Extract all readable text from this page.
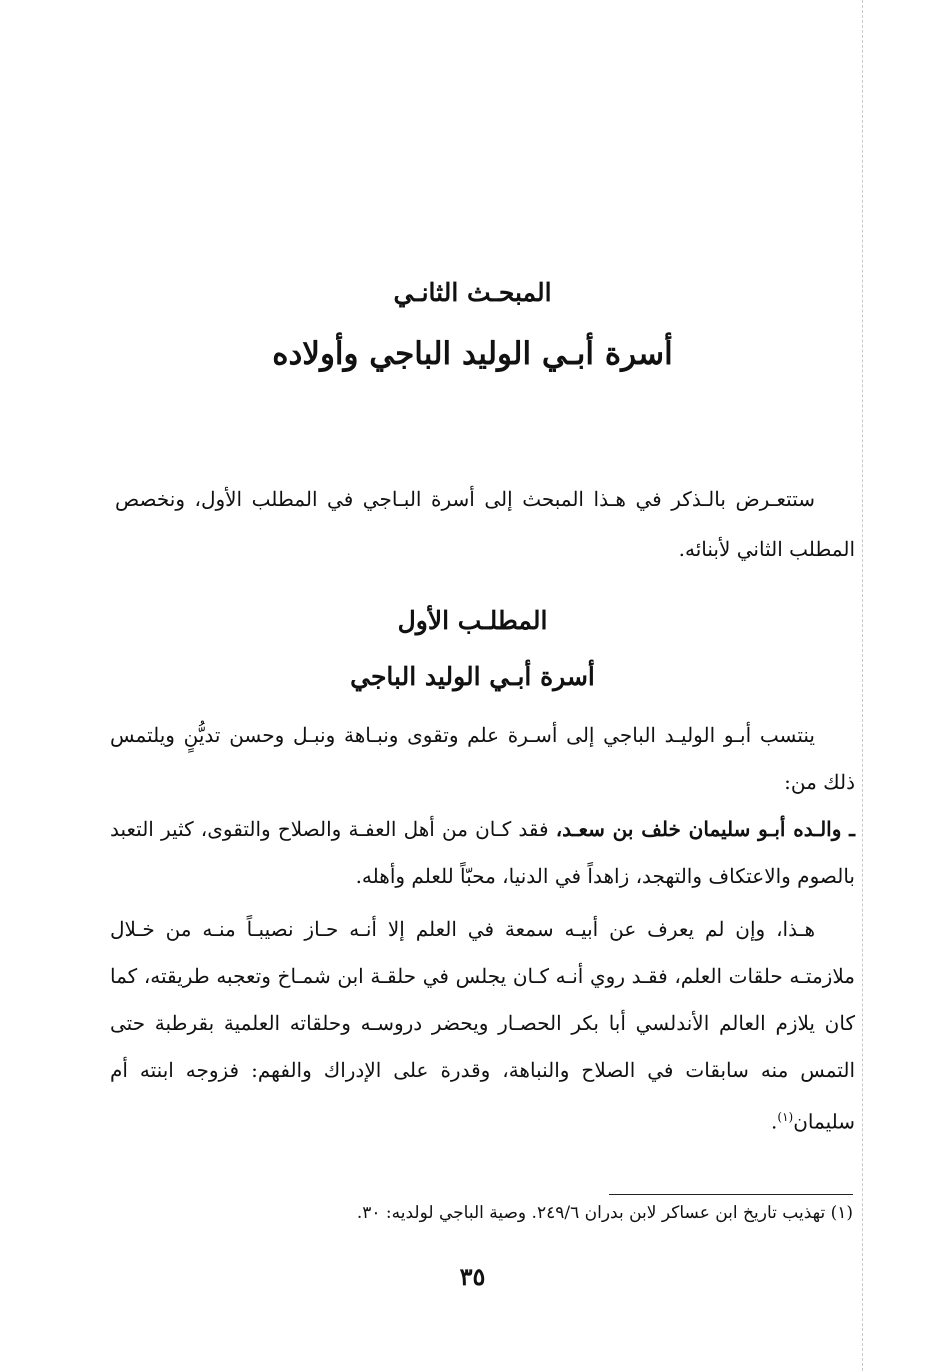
المبحـث الثانـي
أسرة أبـي الوليد الباجي وأولاده

ستتعـرض بالـذكر في هـذا المبحث إلى أسرة البـاجي في المطلب الأول، ونخصص المطلب الثاني لأبنائه.

المطلـب الأول
أسرة أبـي الوليد الباجي

ينتسب أبـو الوليـد الباجي إلى أسـرة علم وتقوى ونبـاهة ونبـل وحسن تديُّنٍ ويلتمس ذلك من:

ـ والـده أبـو سليمان خلف بن سعـد، فقد كـان من أهل العفـة والصلاح والتقوى، كثير التعبد بالصوم والاعتكاف والتهجد، زاهداً في الدنيا، محبّاً للعلم وأهله.

هـذا، وإن لم يعرف عن أبيـه سمعة في العلم إلا أنـه حـاز نصيبـاً منـه من خـلال ملازمتـه حلقات العلم، فقـد روي أنـه كـان يجلس في حلقـة ابن شمـاخ وتعجبه طريقته، كما كان يلازم العالم الأندلسي أبا بكر الحصـار ويحضر دروسـه وحلقاته العلمية بقرطبة حتى التمس منه سابقات في الصلاح والنباهة، وقدرة على الإدراك والفهم: فزوجه ابنته أم سليمان$^{(١)}$.

(١) تهذيب تاريخ ابن عساكر لابن بدران ٢٤٩/٦. وصية الباجي لولديه: ٣٠.
٣٥
